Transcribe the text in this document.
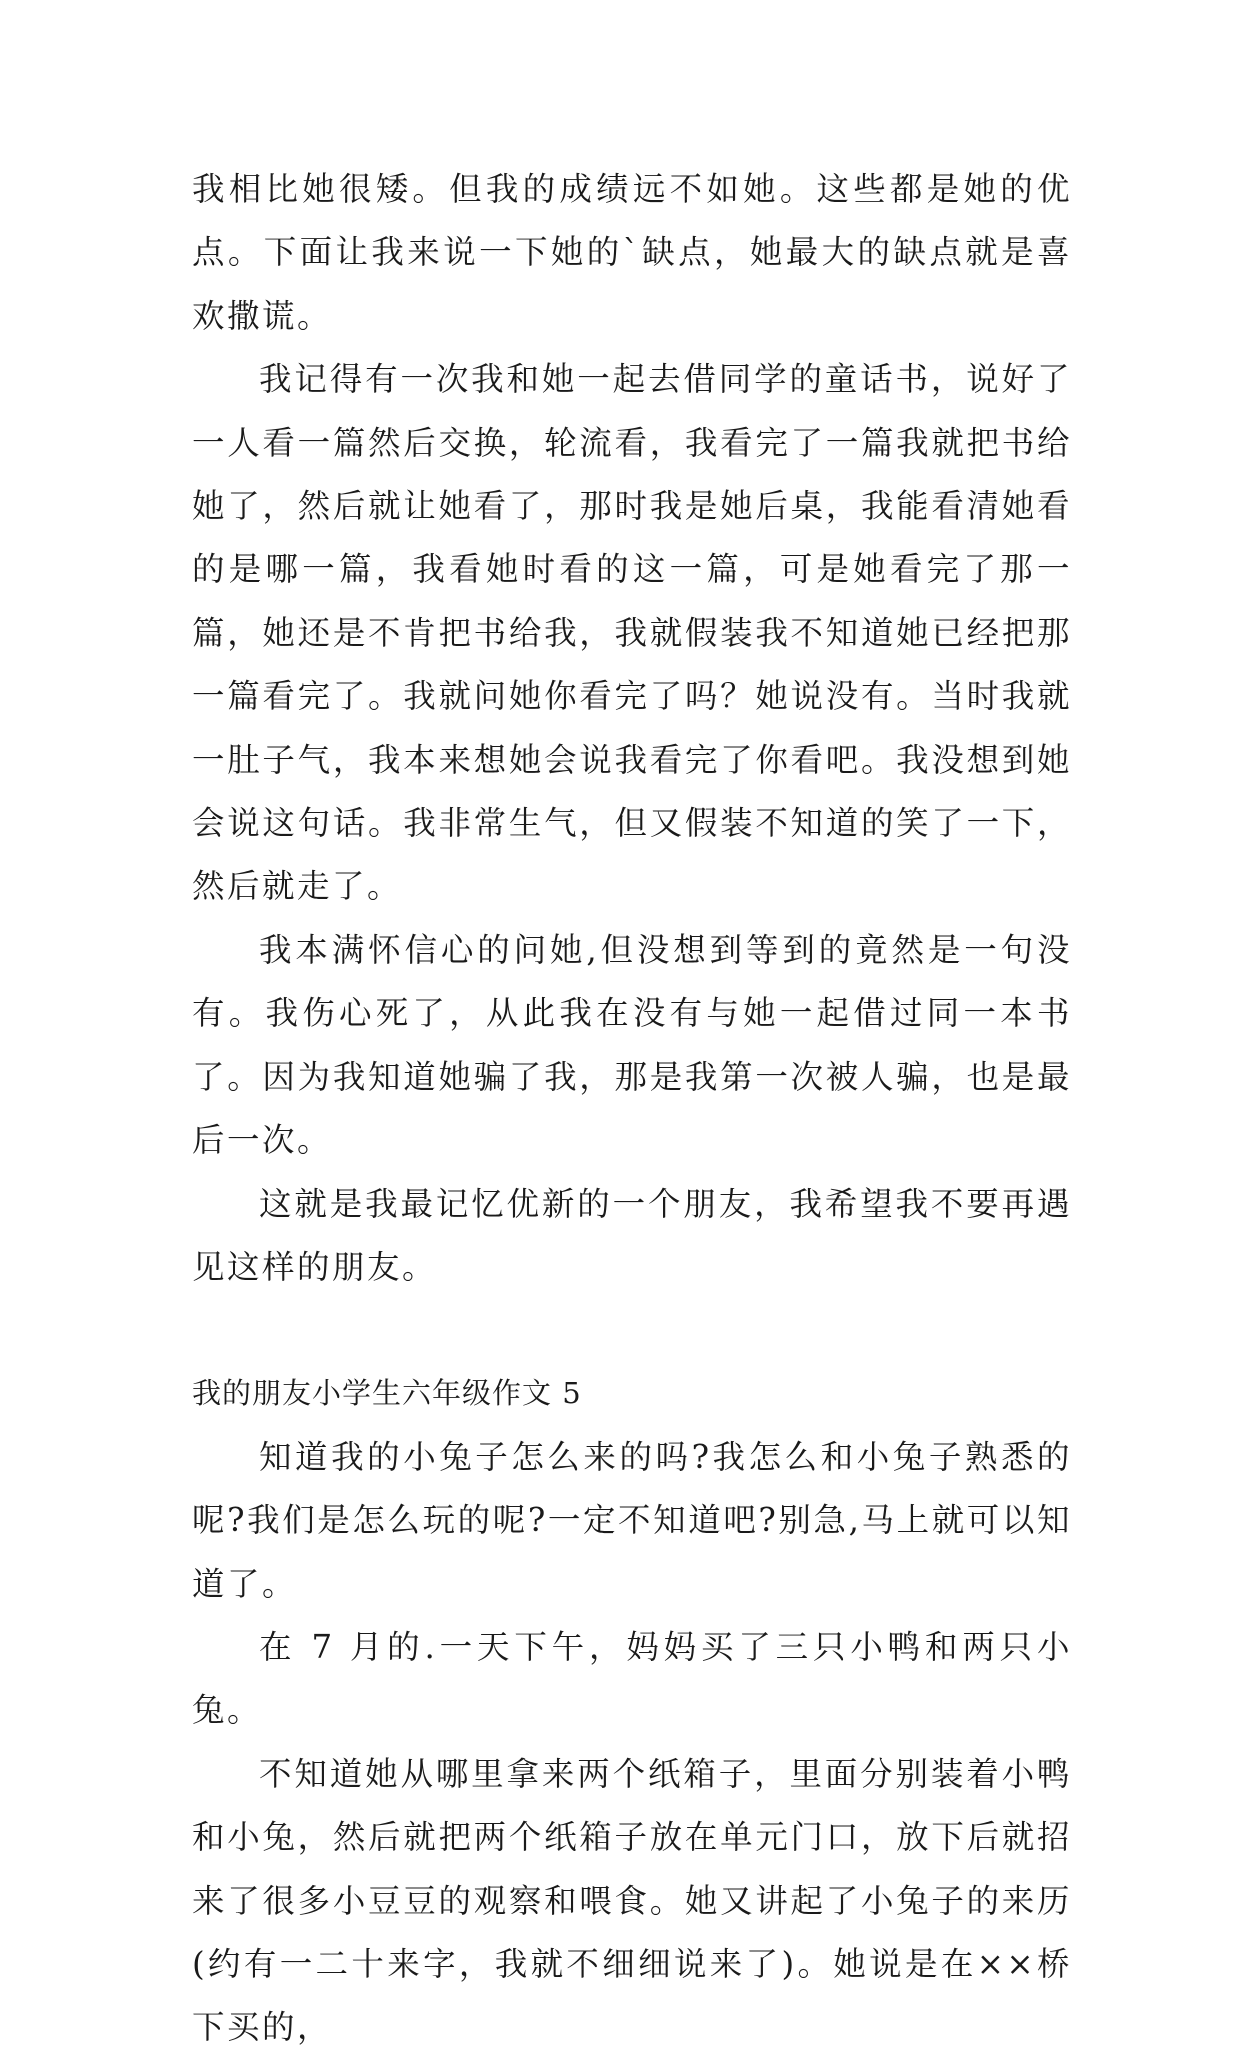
我相比她很矮。但我的成绩远不如她。这些都是她的优点。下面让我来说一下她的`缺点，她最大的缺点就是喜欢撒谎。

我记得有一次我和她一起去借同学的童话书，说好了一人看一篇然后交换，轮流看，我看完了一篇我就把书给她了，然后就让她看了，那时我是她后桌，我能看清她看的是哪一篇，我看她时看的这一篇，可是她看完了那一篇，她还是不肯把书给我，我就假装我不知道她已经把那一篇看完了。我就问她你看完了吗？她说没有。当时我就一肚子气，我本来想她会说我看完了你看吧。我没想到她会说这句话。我非常生气，但又假装不知道的笑了一下，然后就走了。

我本满怀信心的问她,但没想到等到的竟然是一句没有。我伤心死了，从此我在没有与她一起借过同一本书了。因为我知道她骗了我，那是我第一次被人骗，也是最后一次。

这就是我最记忆优新的一个朋友，我希望我不要再遇见这样的朋友。

我的朋友小学生六年级作文 5

知道我的小兔子怎么来的吗?我怎么和小兔子熟悉的呢?我们是怎么玩的呢?一定不知道吧?别急,马上就可以知道了。

在 7 月的.一天下午，妈妈买了三只小鸭和两只小兔。

不知道她从哪里拿来两个纸箱子，里面分别装着小鸭和小兔，然后就把两个纸箱子放在单元门口，放下后就招来了很多小豆豆的观察和喂食。她又讲起了小兔子的来历(约有一二十来字，我就不细细说来了)。她说是在××桥下买的，
